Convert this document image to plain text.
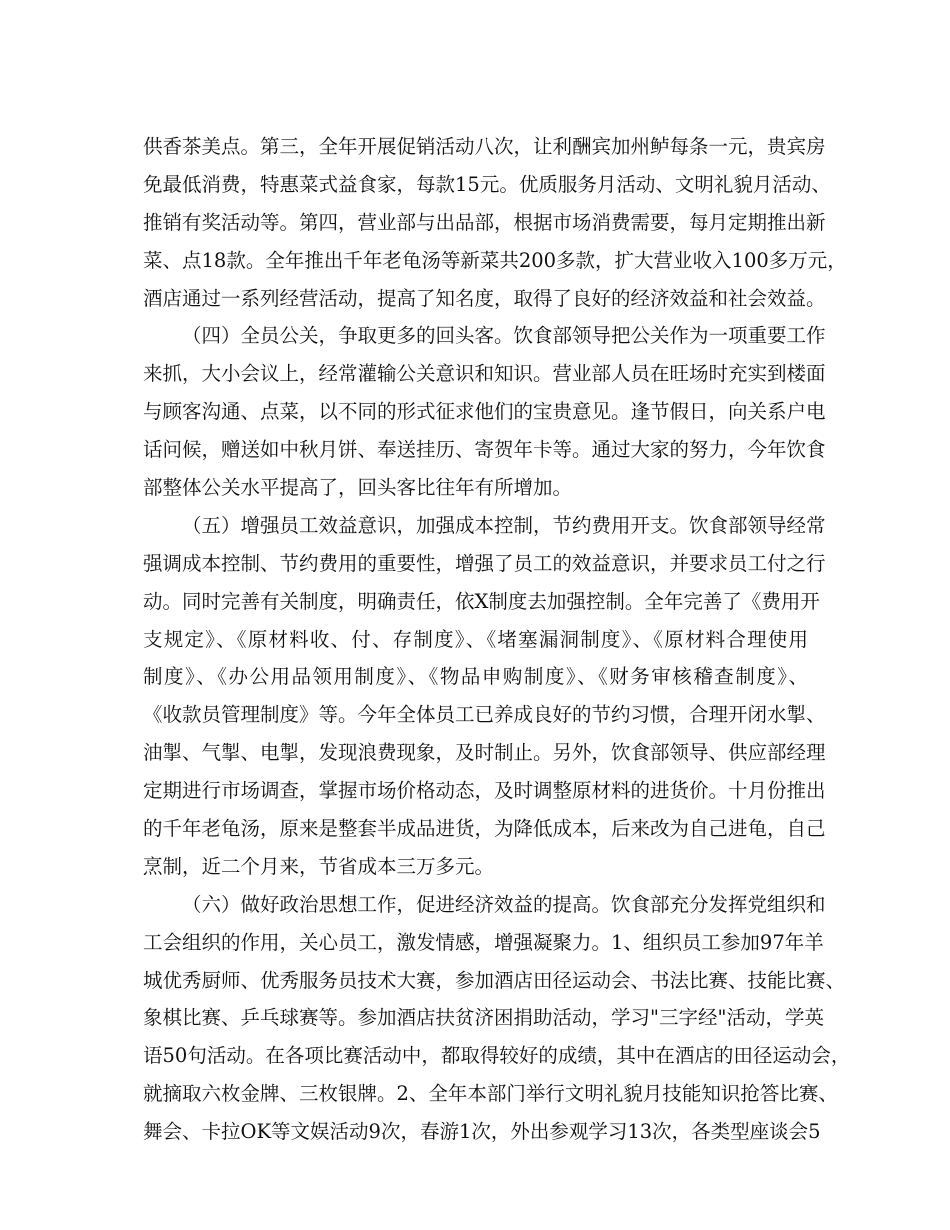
供香茶美点。第三，全年开展促销活动八次，让利酬宾加州鲈每条一元，贵宾房
免最低消费，特惠菜式益食家，每款15元。优质服务月活动、文明礼貌月活动、
推销有奖活动等。第四，营业部与出品部，根据市场消费需要，每月定期推出新
菜、点18款。全年推出千年老龟汤等新菜共200多款，扩大营业收入100多万元，
酒店通过一系列经营活动，提高了知名度，取得了良好的经济效益和社会效益。
（四）全员公关，争取更多的回头客。饮食部领导把公关作为一项重要工作
来抓，大小会议上，经常灌输公关意识和知识。营业部人员在旺场时充实到楼面
与顾客沟通、点菜，以不同的形式征求他们的宝贵意见。逢节假日，向关系户电
话问候，赠送如中秋月饼、奉送挂历、寄贺年卡等。通过大家的努力，今年饮食
部整体公关水平提高了，回头客比往年有所增加。
（五）增强员工效益意识，加强成本控制，节约费用开支。饮食部领导经常
强调成本控制、节约费用的重要性，增强了员工的效益意识，并要求员工付之行
动。同时完善有关制度，明确责任，依X制度去加强控制。全年完善了《费用开
支规定》、《原材料收、付、存制度》、《堵塞漏洞制度》、《原材料合理使用
制度》、《办公用品领用制度》、《物品申购制度》、《财务审核稽查制度》、
《收款员管理制度》等。今年全体员工已养成良好的节约习惯，合理开闭水掣、
油掣、气掣、电掣，发现浪费现象，及时制止。另外，饮食部领导、供应部经理
定期进行市场调查，掌握市场价格动态，及时调整原材料的进货价。十月份推出
的千年老龟汤，原来是整套半成品进货，为降低成本，后来改为自己进龟，自己
烹制，近二个月来，节省成本三万多元。
（六）做好政治思想工作，促进经济效益的提高。饮食部充分发挥党组织和
工会组织的作用，关心员工，激发情感，增强凝聚力。1、组织员工参加97年羊
城优秀厨师、优秀服务员技术大赛，参加酒店田径运动会、书法比赛、技能比赛、
象棋比赛、乒乓球赛等。参加酒店扶贫济困捐助活动，学习"三字经"活动，学英
语50句活动。在各项比赛活动中，都取得较好的成绩，其中在酒店的田径运动会，
就摘取六枚金牌、三枚银牌。2、全年本部门举行文明礼貌月技能知识抢答比赛、
舞会、卡拉OK等文娱活动9次，春游1次，外出参观学习13次，各类型座谈会5
